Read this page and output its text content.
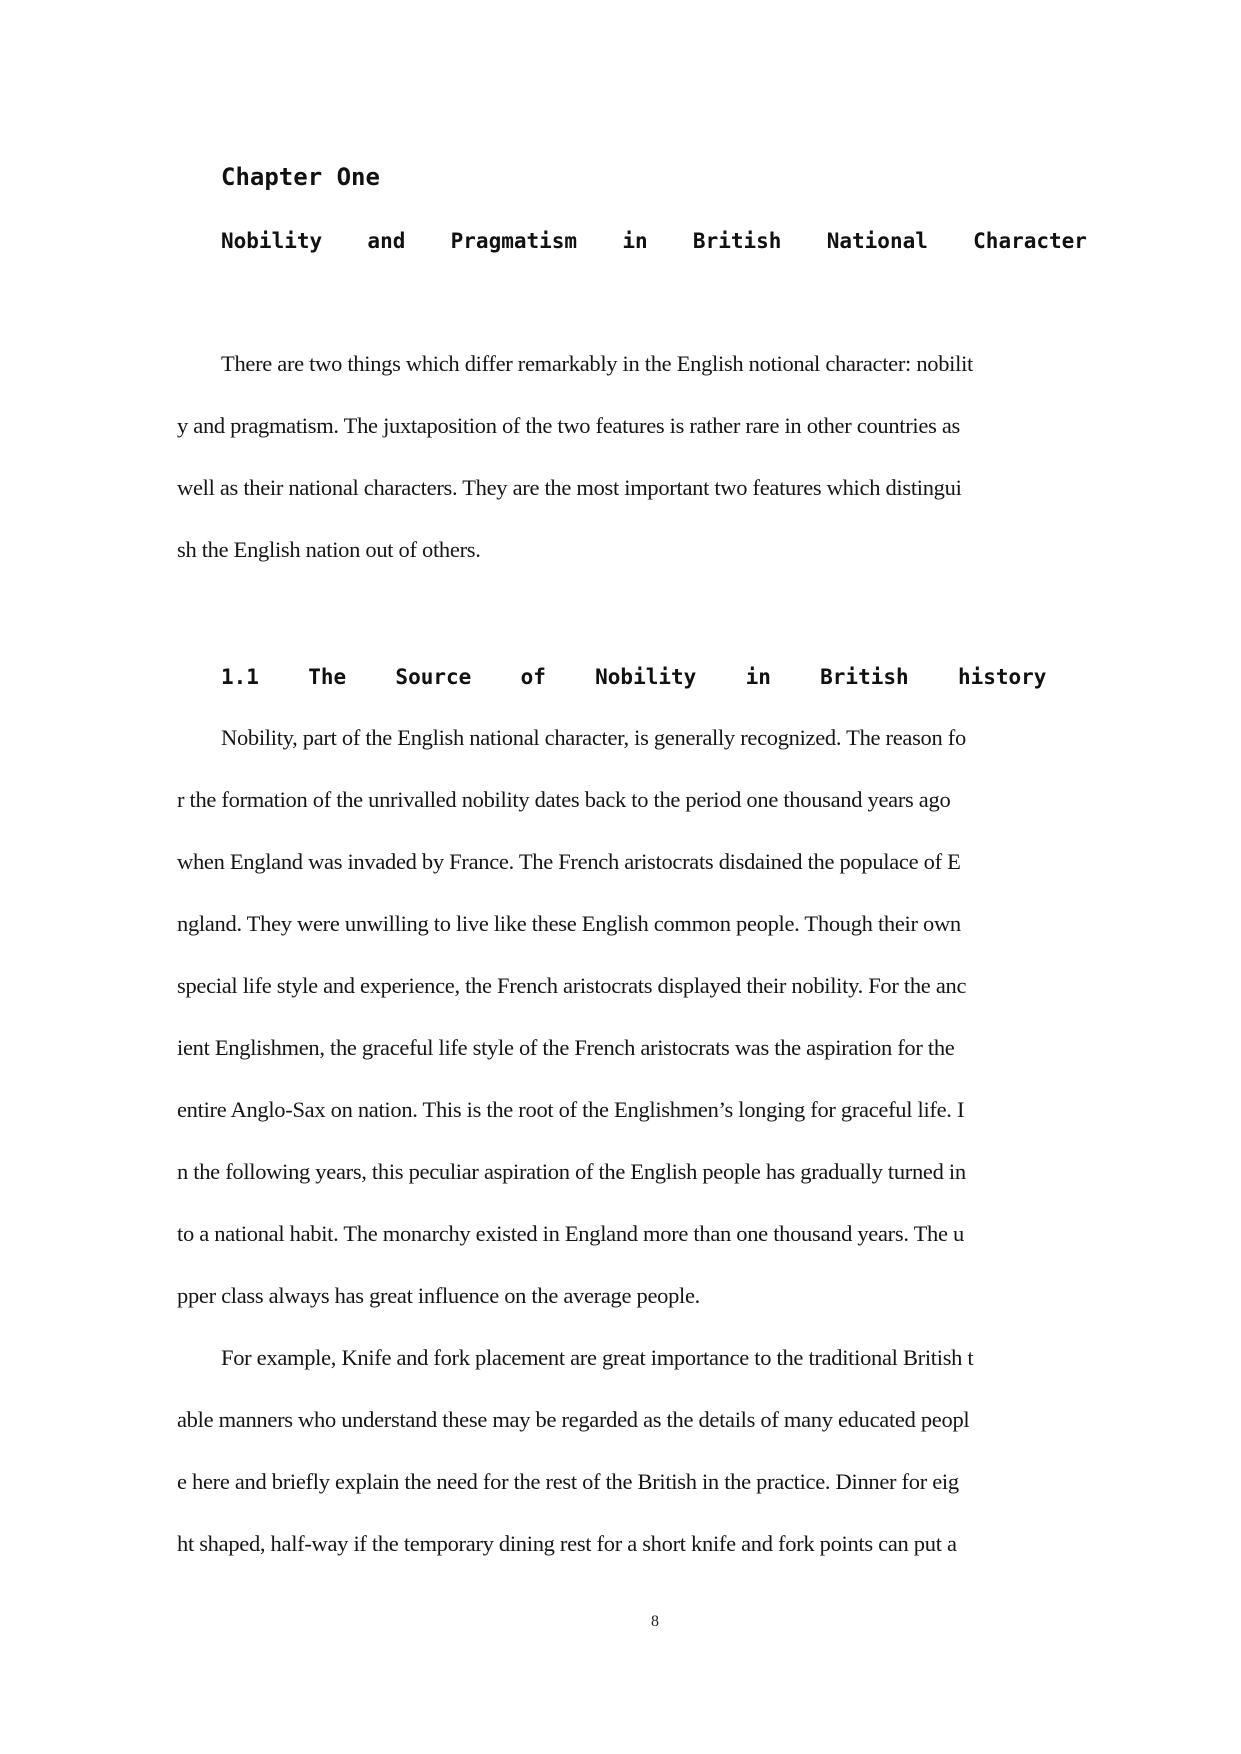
Chapter One
Nobility  and  Pragmatism  in  British  National  Character
There are two things which differ remarkably in the English notional character: nobilit
y and pragmatism. The juxtaposition of the two features is rather rare in other countries as
well as their national characters. They are the most important two features which distingui
sh the English nation out of others.
1.1  The  Source  of  Nobility  in  British  history
Nobility, part of the English national character, is generally recognized. The reason fo
r the formation of the unrivalled nobility dates back to the period one thousand years ago
when England was invaded by France. The French aristocrats disdained the populace of E
ngland. They were unwilling to live like these English common people. Though their own
special life style and experience, the French aristocrats displayed their nobility. For the anc
ient Englishmen, the graceful life style of the French aristocrats was the aspiration for the
entire Anglo-Sax on nation. This is the root of the Englishmen’s longing for graceful life. I
n the following years, this peculiar aspiration of the English people has gradually turned in
to a national habit. The monarchy existed in England more than one thousand years. The u
pper class always has great influence on the average people.
For example, Knife and fork placement are great importance to the traditional British t
able manners who understand these may be regarded as the details of many educated peopl
e here and briefly explain the need for the rest of the British in the practice. Dinner for eig
ht shaped, half-way if the temporary dining rest for a short knife and fork points can put a
8
